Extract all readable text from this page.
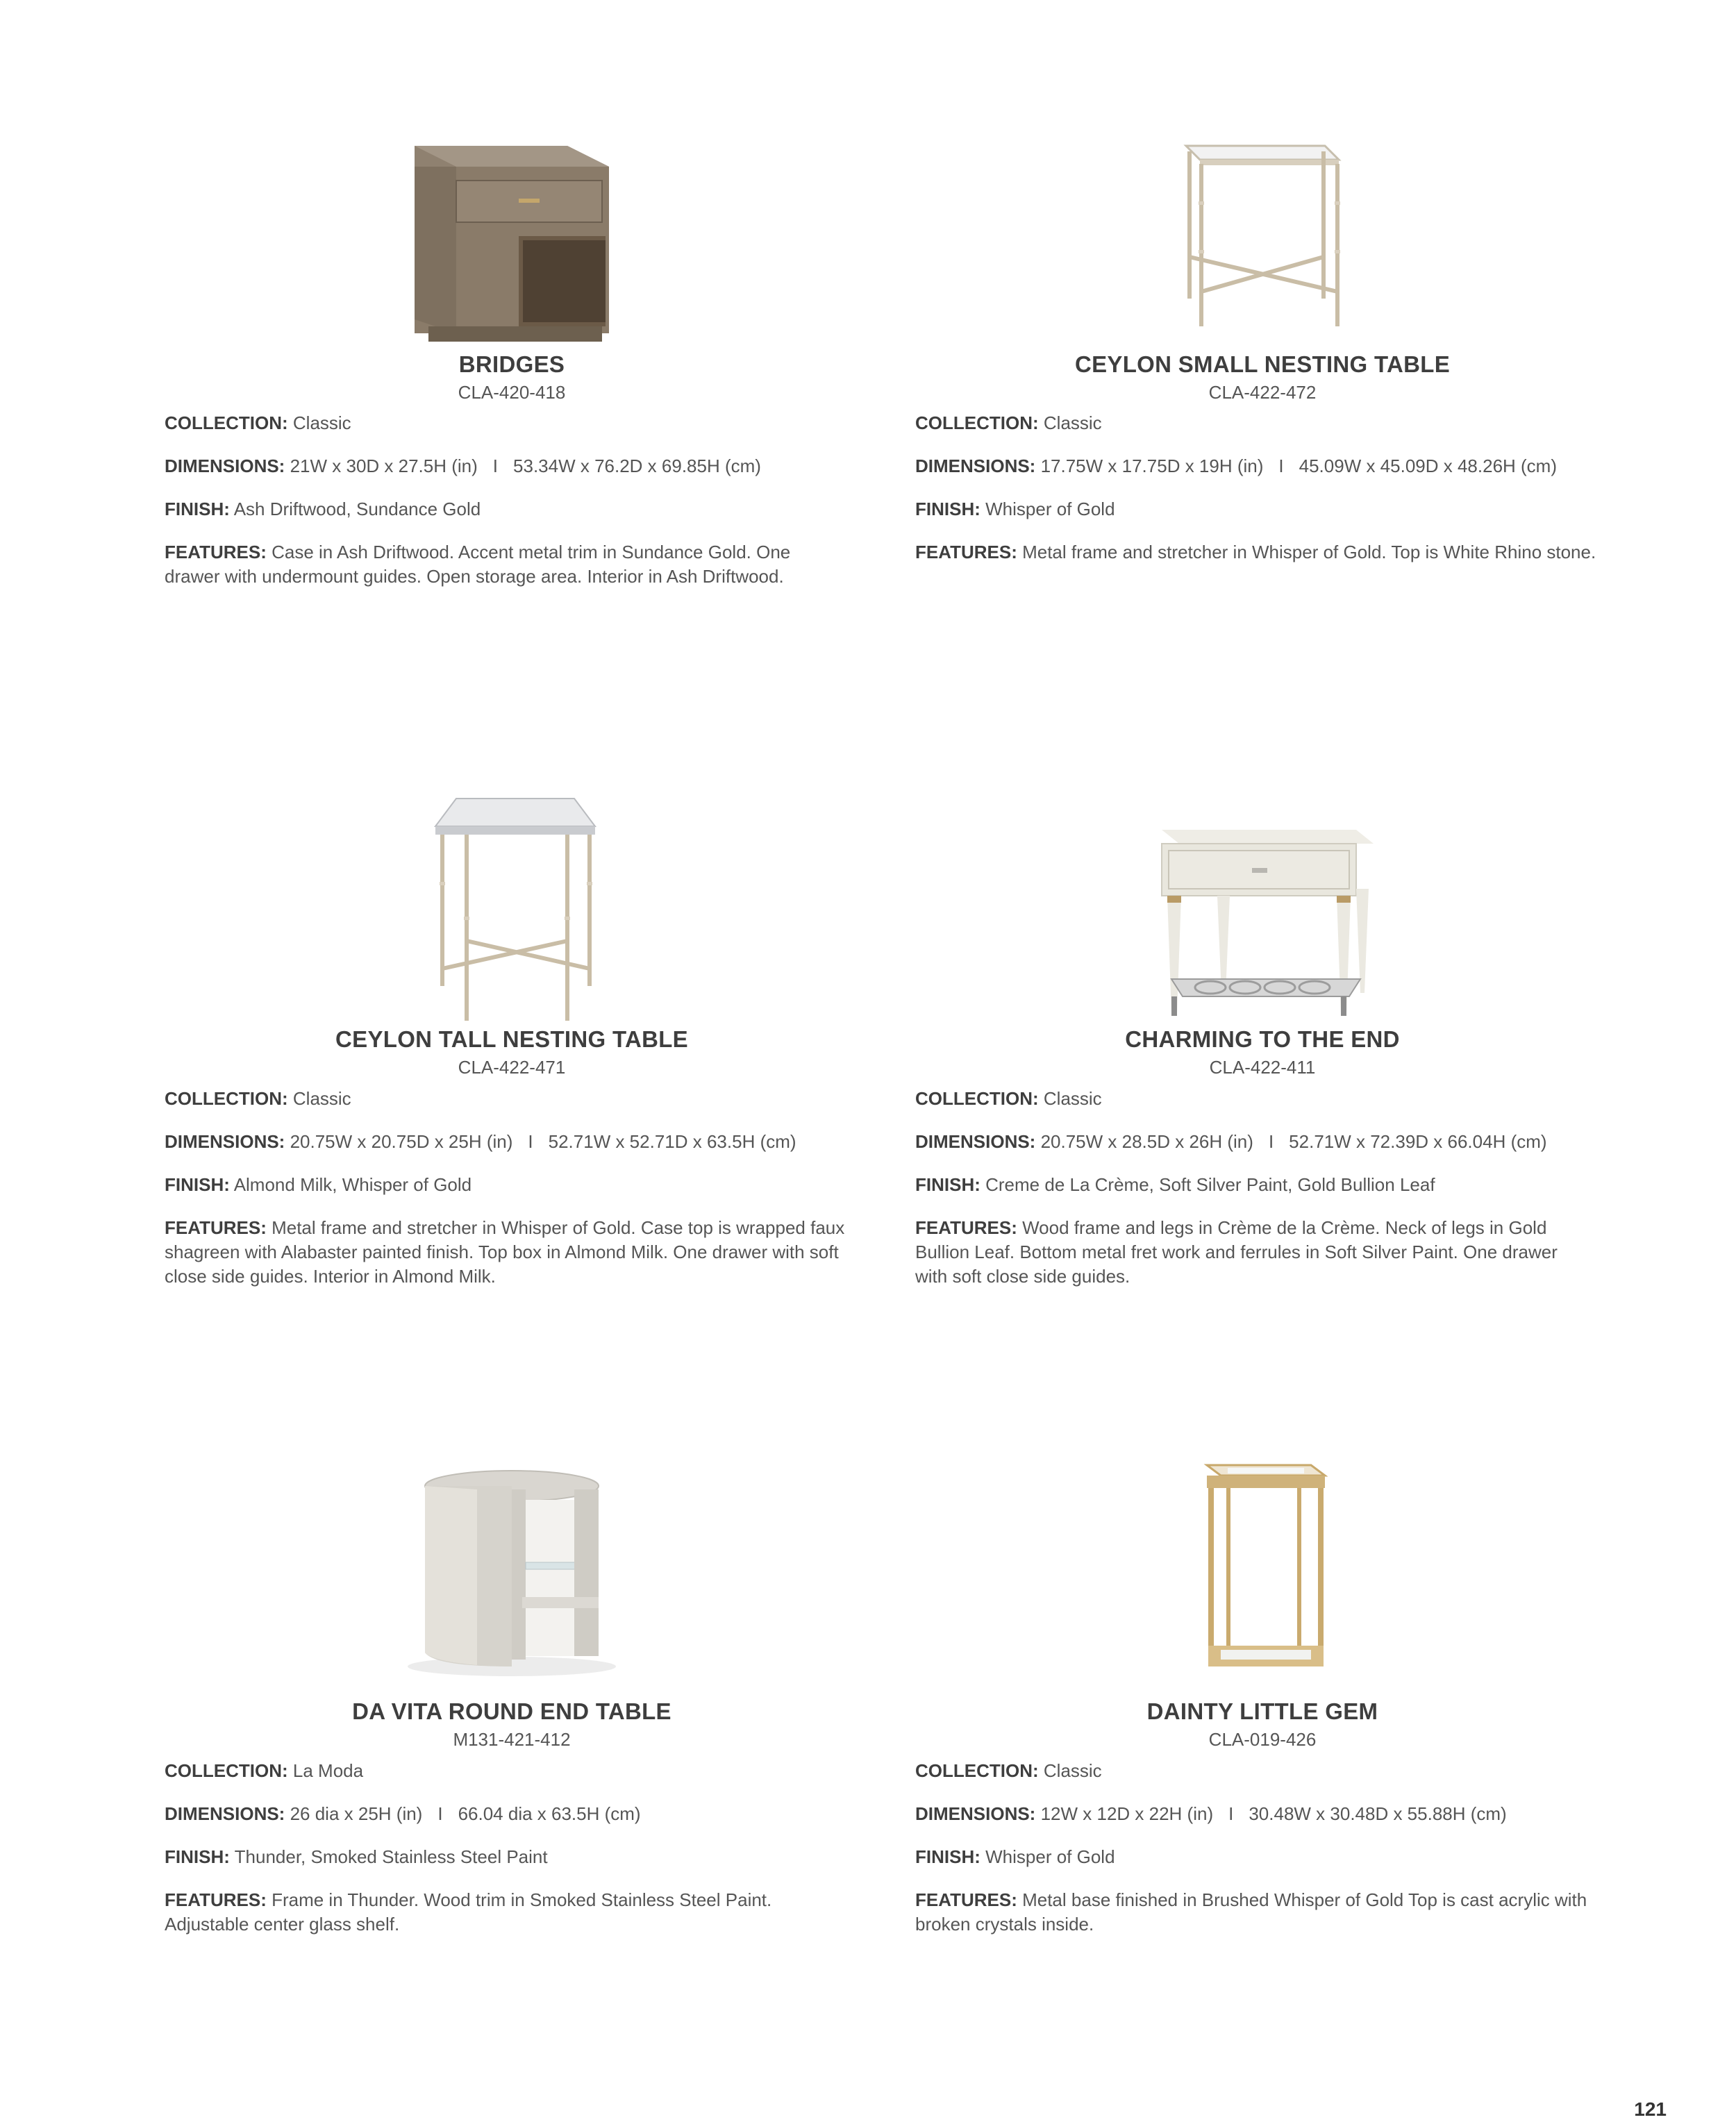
BRIDGES
CLA-420-418
COLLECTION: Classic
DIMENSIONS: 21W x 30D x 27.5H (in) I 53.34W x 76.2D x 69.85H (cm)
FINISH: Ash Driftwood, Sundance Gold
FEATURES: Case in Ash Driftwood. Accent metal trim in Sundance Gold. One drawer with undermount guides. Open storage area. Interior in Ash Driftwood.
CEYLON SMALL NESTING TABLE
CLA-422-472
COLLECTION: Classic
DIMENSIONS: 17.75W x 17.75D x 19H (in) I 45.09W x 45.09D x 48.26H (cm)
FINISH: Whisper of Gold
FEATURES: Metal frame and stretcher in Whisper of Gold. Top is White Rhino stone.
CEYLON TALL NESTING TABLE
CLA-422-471
COLLECTION: Classic
DIMENSIONS: 20.75W x 20.75D x 25H (in) I 52.71W x 52.71D x 63.5H (cm)
FINISH: Almond Milk, Whisper of Gold
FEATURES: Metal frame and stretcher in Whisper of Gold. Case top is wrapped faux shagreen with Alabaster painted finish. Top box in Almond Milk. One drawer with soft close side guides. Interior in Almond Milk.
CHARMING TO THE END
CLA-422-411
COLLECTION: Classic
DIMENSIONS: 20.75W x 28.5D x 26H (in) I 52.71W x 72.39D x 66.04H (cm)
FINISH: Creme de La Crème, Soft Silver Paint, Gold Bullion Leaf
FEATURES: Wood frame and legs in Crème de la Crème. Neck of legs in Gold Bullion Leaf. Bottom metal fret work and ferrules in Soft Silver Paint. One drawer with soft close side guides.
DA VITA ROUND END TABLE
M131-421-412
COLLECTION: La Moda
DIMENSIONS: 26 dia x 25H (in) I 66.04 dia x 63.5H (cm)
FINISH: Thunder, Smoked Stainless Steel Paint
FEATURES: Frame in Thunder. Wood trim in Smoked Stainless Steel Paint. Adjustable center glass shelf.
DAINTY LITTLE GEM
CLA-019-426
COLLECTION: Classic
DIMENSIONS: 12W x 12D x 22H (in) I 30.48W x 30.48D x 55.88H (cm)
FINISH: Whisper of Gold
FEATURES: Metal base finished in Brushed Whisper of Gold Top is cast acrylic with broken crystals inside.
121
